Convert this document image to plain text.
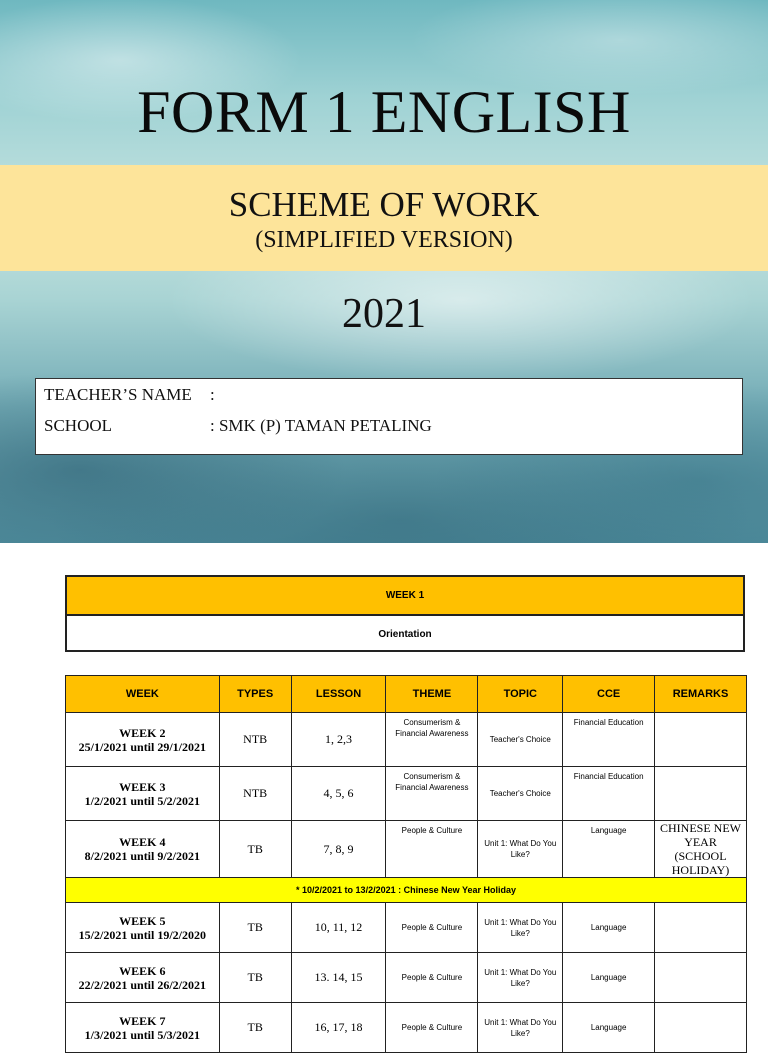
FORM 1 ENGLISH
SCHEME OF WORK
(SIMPLIFIED VERSION)
2021
TEACHER’S NAME :
SCHOOL	: SMK (P) TAMAN PETALING
WEEK 1
Orientation
WEEK	TYPES	LESSON	THEME	TOPIC	CCE	REMARKS

WEEK 2
25/1/2021 until 29/1/2021	NTB	1, 2,3	Consumerism & Financial Awareness	Teacher's Choice	Financial Education	

WEEK 3
1/2/2021 until 5/2/2021	NTB	4, 5, 6	Consumerism & Financial Awareness	Teacher's Choice	Financial Education	

WEEK 4
8/2/2021 until 9/2/2021	TB	7, 8, 9	People & Culture	Unit 1: What Do You Like?	Language	CHINESE NEW YEAR (SCHOOL HOLIDAY)
* 10/2/2021 to 13/2/2021 : Chinese New Year Holiday						

WEEK 5
15/2/2021 until 19/2/2020	TB	10, 11, 12	People & Culture	Unit 1: What Do You Like?	Language	

WEEK 6
22/2/2021 until 26/2/2021	TB	13. 14, 15	People & Culture	Unit 1: What Do You Like?	Language	

WEEK 7
1/3/2021 until 5/3/2021	TB	16, 17, 18	People & Culture	Unit 1: What Do You Like?	Language	
